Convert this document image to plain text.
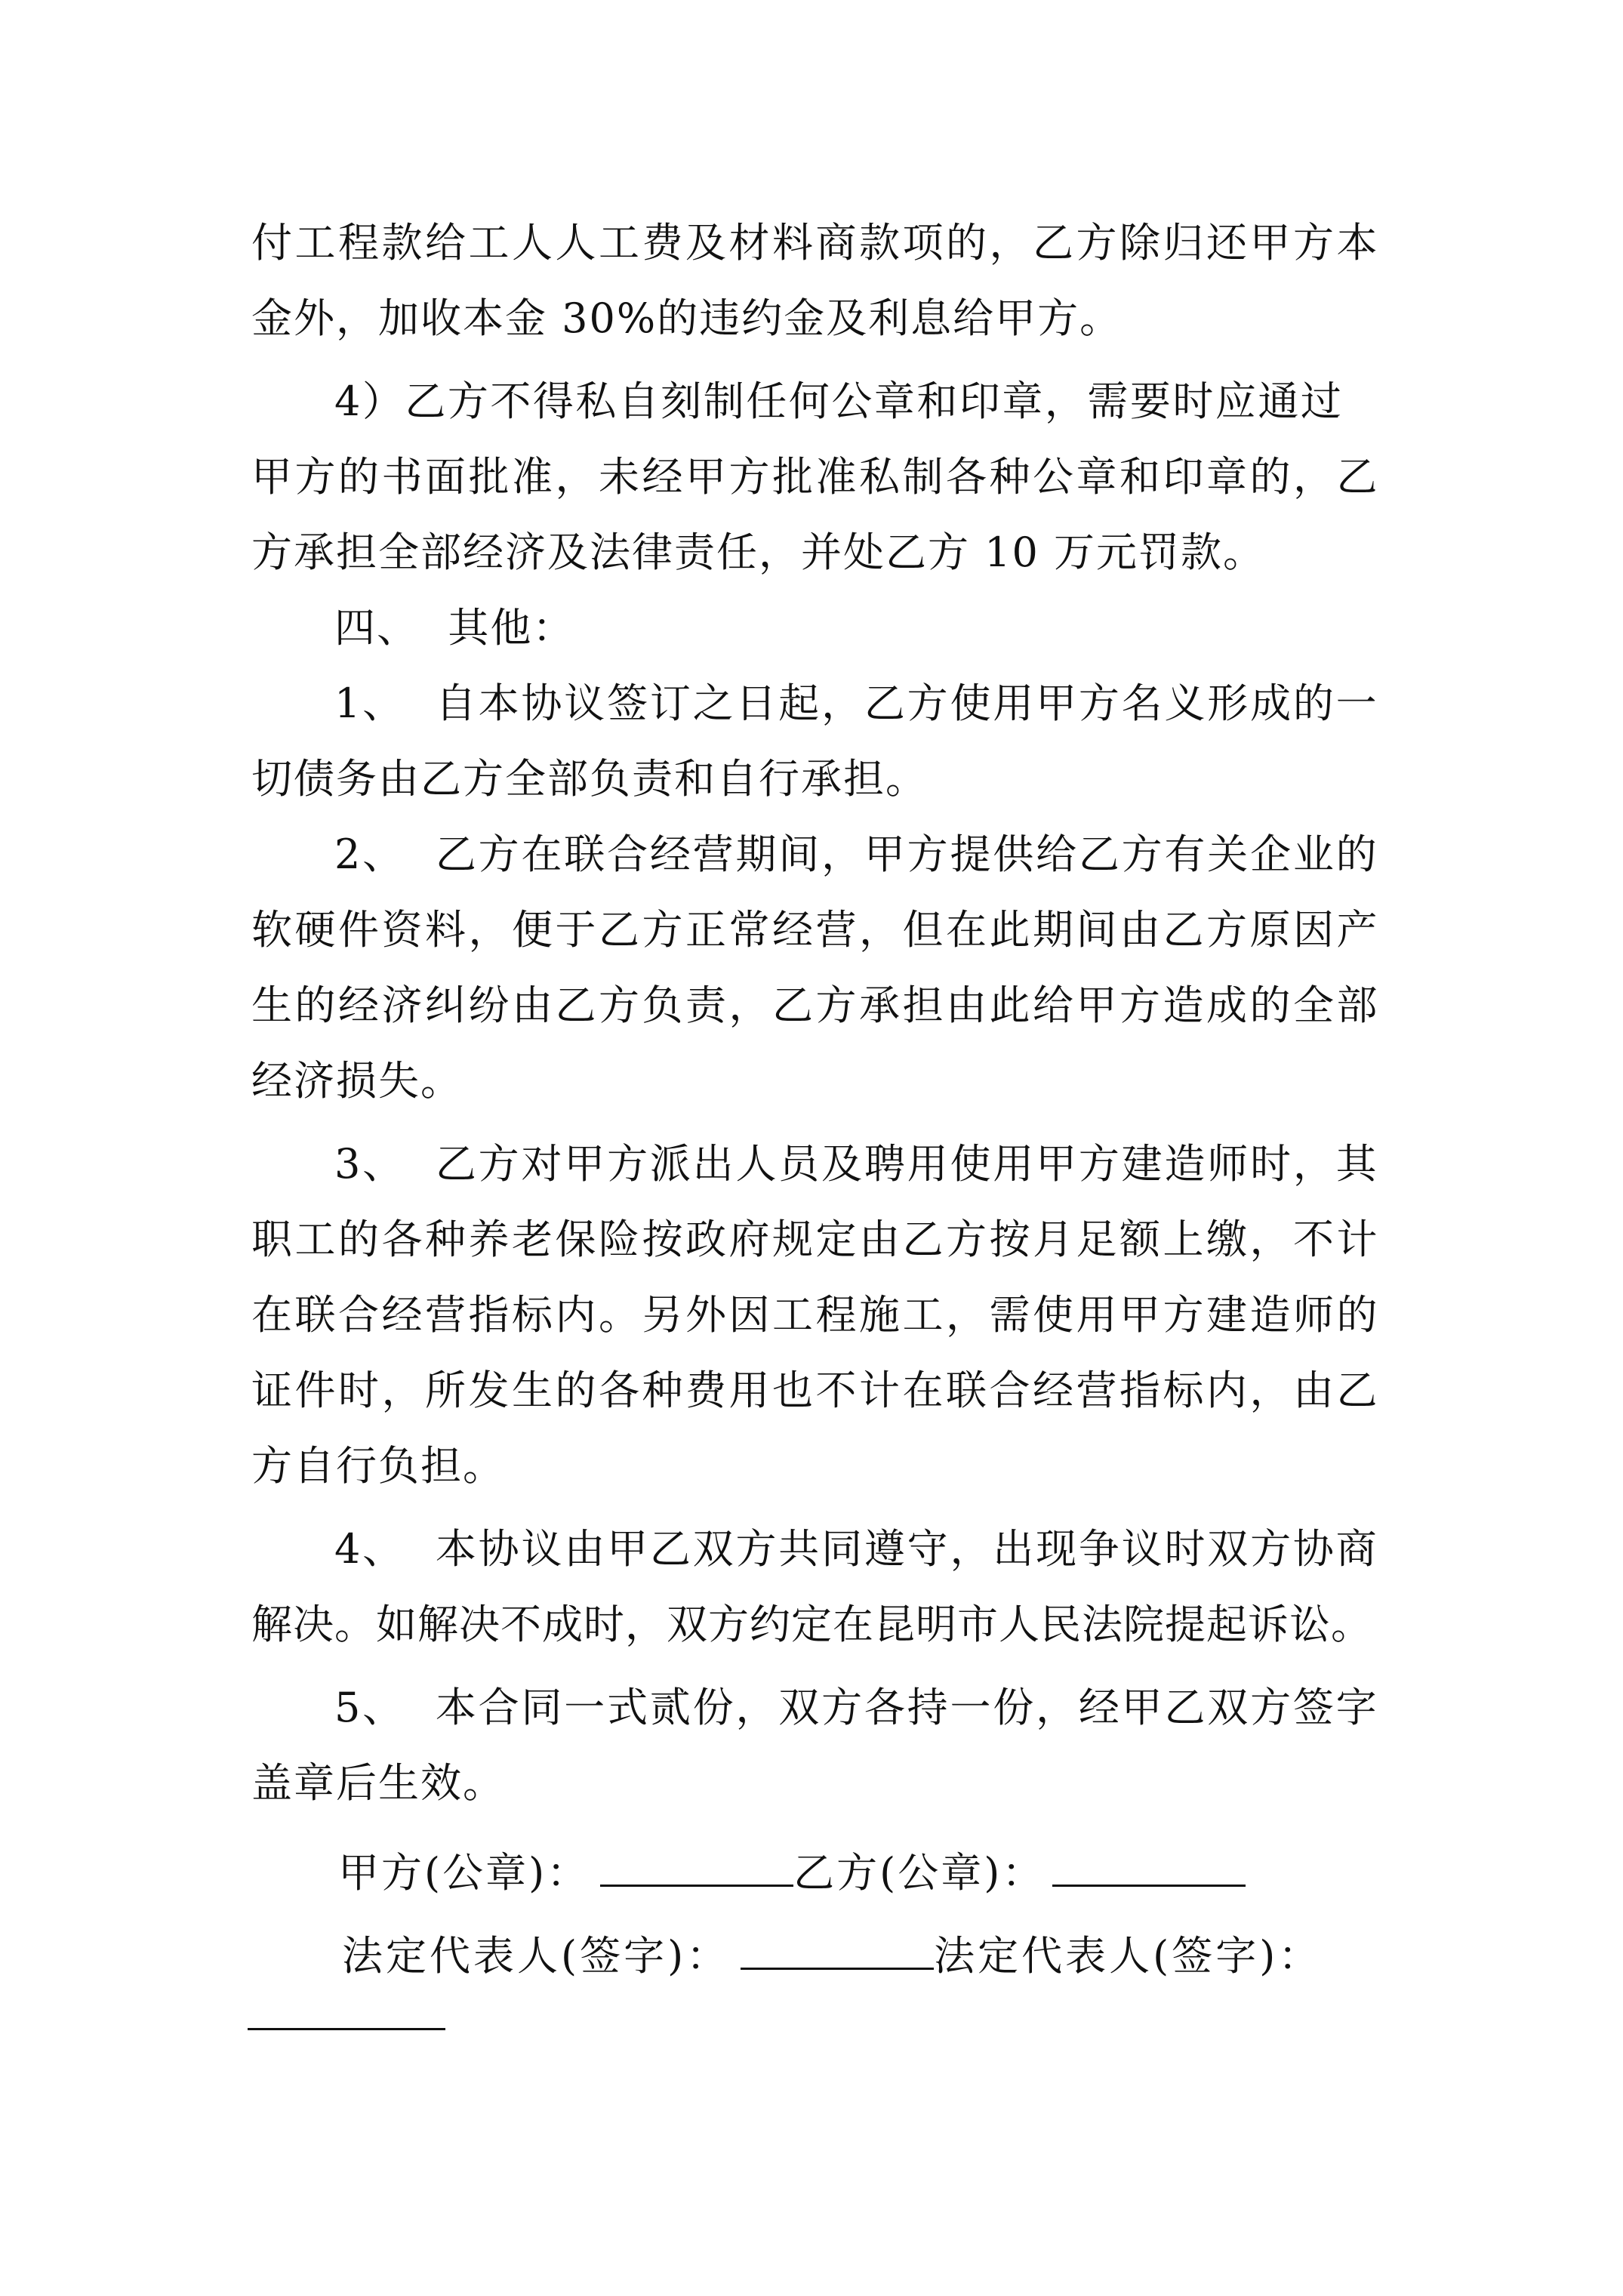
付工程款给工人人工费及材料商款项的，乙方除归还甲方本
金外，加收本金 30%的违约金及利息给甲方。
4）乙方不得私自刻制任何公章和印章，需要时应通过
甲方的书面批准，未经甲方批准私制各种公章和印章的，乙
方承担全部经济及法律责任，并处乙方 10 万元罚款。
四、  其他：
1、  自本协议签订之日起，乙方使用甲方名义形成的一
切债务由乙方全部负责和自行承担。
2、  乙方在联合经营期间，甲方提供给乙方有关企业的
软硬件资料，便于乙方正常经营，但在此期间由乙方原因产
生的经济纠纷由乙方负责，乙方承担由此给甲方造成的全部
经济损失。
3、  乙方对甲方派出人员及聘用使用甲方建造师时，其
职工的各种养老保险按政府规定由乙方按月足额上缴，不计
在联合经营指标内。另外因工程施工，需使用甲方建造师的
证件时，所发生的各种费用也不计在联合经营指标内，由乙
方自行负担。
4、  本协议由甲乙双方共同遵守，出现争议时双方协商
解决。如解决不成时，双方约定在昆明市人民法院提起诉讼。
5、  本合同一式贰份，双方各持一份，经甲乙双方签字
盖章后生效。
甲方(公章)：	乙方(公章)：
法定代表人(签字)：	法定代表人(签字)：
